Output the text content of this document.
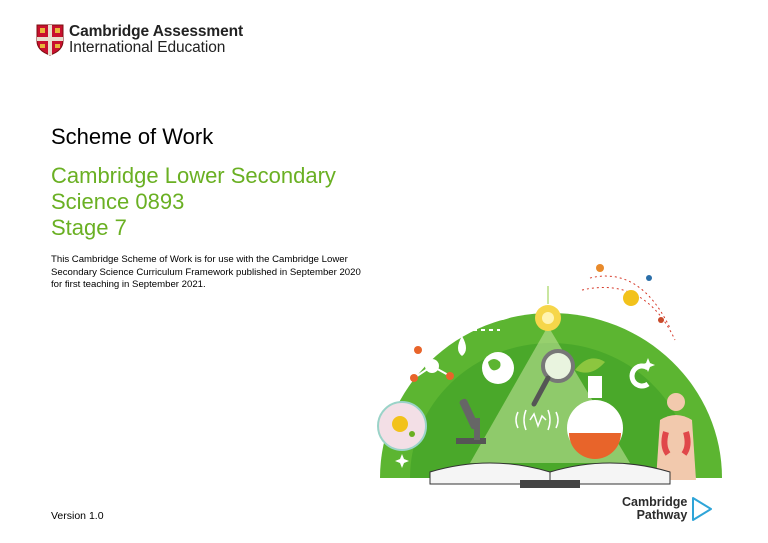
Cambridge Assessment
International Education
Scheme of Work
Cambridge Lower Secondary
Science 0893
Stage 7
This Cambridge Scheme of Work is for use with the Cambridge Lower Secondary Science Curriculum Framework published in September 2020 for first teaching in September 2021.
Version 1.0
Cambridge
Pathway
